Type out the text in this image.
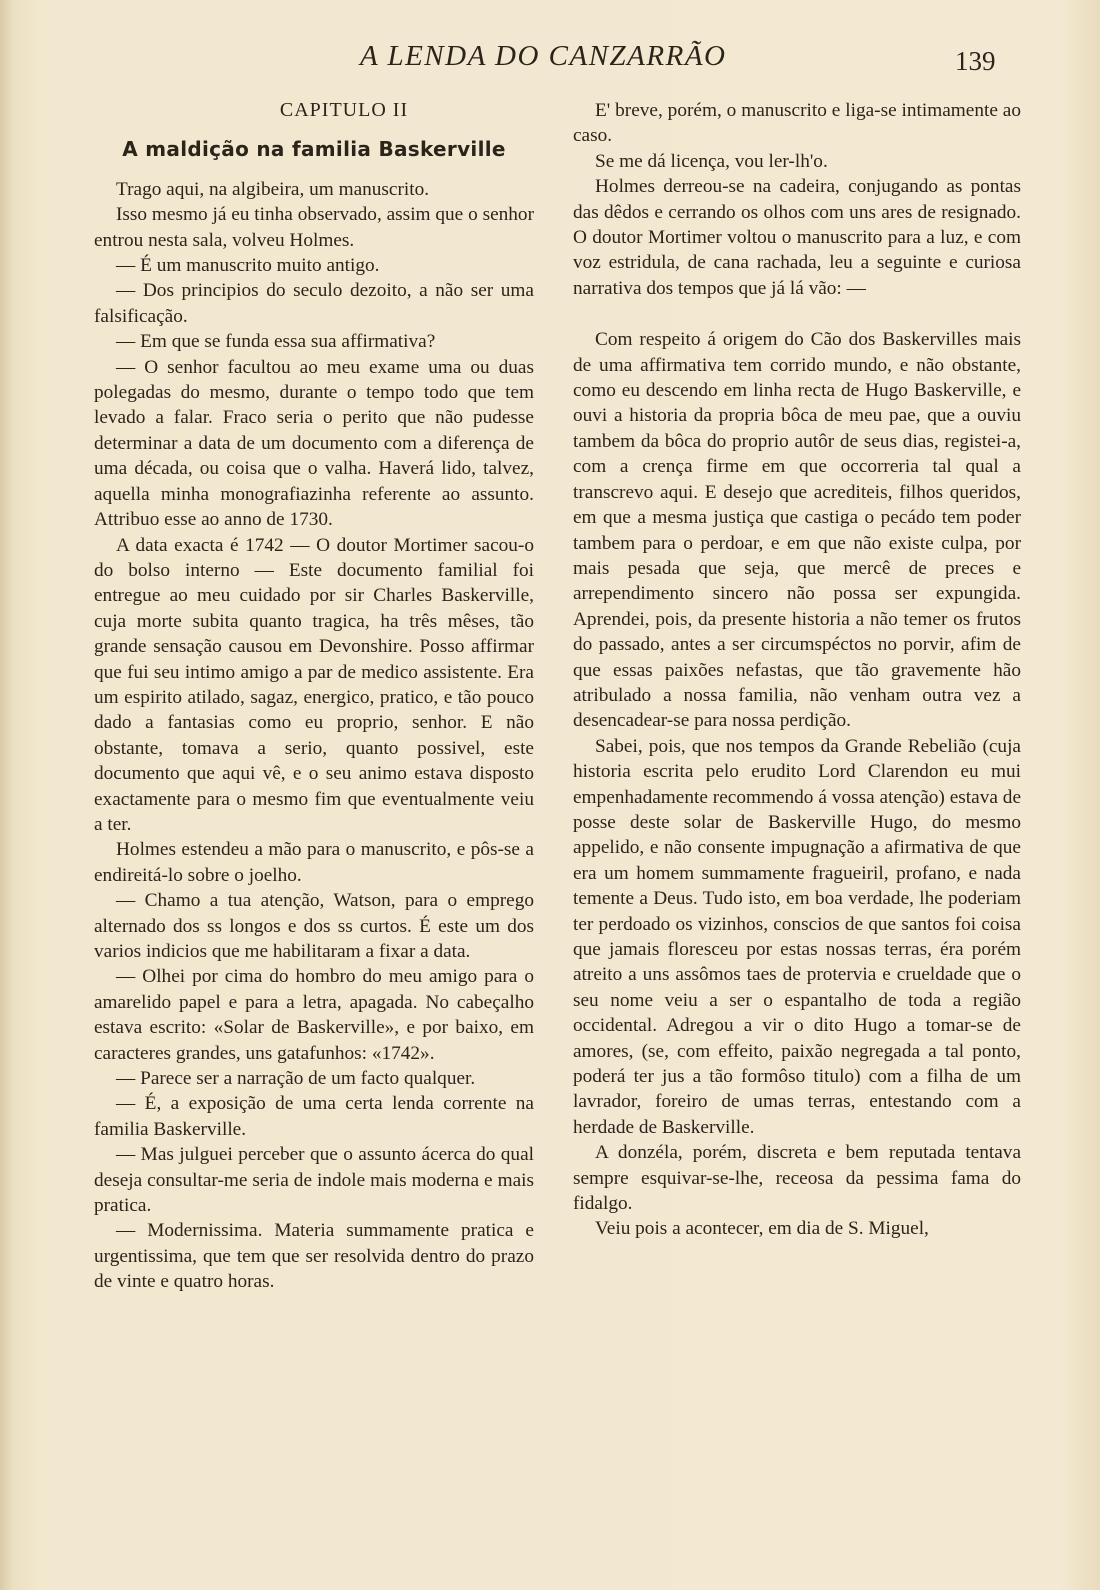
A LENDA DO CANZARRÃO	139
CAPITULO II
A maldição na familia Baskerville

Trago aqui, na algibeira, um manuscrito.

Isso mesmo já eu tinha observado, assim que o senhor entrou nesta sala, volveu Holmes.

— É um manuscrito muito antigo.

— Dos principios do seculo dezoito, a não ser uma falsificação.

— Em que se funda essa sua affirmativa?

— O senhor facultou ao meu exame uma ou duas polegadas do mesmo, durante o tempo todo que tem levado a falar. Fraco seria o perito que não pudesse determinar a data de um documento com a diferença de uma década, ou coisa que o valha. Haverá lido, talvez, aquella minha monografiazinha referente ao assunto. Attribuo esse ao anno de 1730.

A data exacta é 1742 — O doutor Mortimer sacou-o do bolso interno — Este documento familial foi entregue ao meu cuidado por sir Charles Baskerville, cuja morte subita quanto tragica, ha três mêses, tão grande sensação causou em Devonshire. Posso affirmar que fui seu intimo amigo a par de medico assistente. Era um espirito atilado, sagaz, energico, pratico, e tão pouco dado a fantasias como eu proprio, senhor. E não obstante, tomava a serio, quanto possivel, este documento que aqui vê, e o seu animo estava disposto exactamente para o mesmo fim que eventualmente veiu a ter.

Holmes estendeu a mão para o manuscrito, e pôs-se a endireitá-lo sobre o joelho.

— Chamo a tua atenção, Watson, para o emprego alternado dos ss longos e dos ss curtos. É este um dos varios indicios que me habilitaram a fixar a data.

— Olhei por cima do hombro do meu amigo para o amarelido papel e para a letra, apagada. No cabeçalho estava escrito: «Solar de Baskerville», e por baixo, em caracteres grandes, uns gatafunhos: «1742».

— Parece ser a narração de um facto qualquer.

— É, a exposição de uma certa lenda corrente na familia Baskerville.

— Mas julguei perceber que o assunto ácerca do qual deseja consultar-me seria de indole mais moderna e mais pratica.

— Modernissima. Materia summamente pratica e urgentissima, que tem que ser resolvida dentro do prazo de vinte e quatro horas.

E' breve, porém, o manuscrito e liga-se intimamente ao caso.

Se me dá licença, vou ler-lh'o.

Holmes derreou-se na cadeira, conjugando as pontas das dêdos e cerrando os olhos com uns ares de resignado. O doutor Mortimer voltou o manuscrito para a luz, e com voz estridula, de cana rachada, leu a seguinte e curiosa narrativa dos tempos que já lá vão: —

Com respeito á origem do Cão dos Baskervilles mais de uma affirmativa tem corrido mundo, e não obstante, como eu descendo em linha recta de Hugo Baskerville, e ouvi a historia da propria bôca de meu pae, que a ouviu tambem da bôca do proprio autôr de seus dias, registei-a, com a crença firme em que occorreria tal qual a transcrevo aqui. E desejo que acrediteis, filhos queridos, em que a mesma justiça que castiga o pecádo tem poder tambem para o perdoar, e em que não existe culpa, por mais pesada que seja, que mercê de preces e arrependimento sincero não possa ser expungida. Aprendei, pois, da presente historia a não temer os frutos do passado, antes a ser circumspéctos no porvir, afim de que essas paixões nefastas, que tão gravemente hão atribulado a nossa familia, não venham outra vez a desencadear-se para nossa perdição.

Sabei, pois, que nos tempos da Grande Rebelião (cuja historia escrita pelo erudito Lord Clarendon eu mui empenhadamente recommendo á vossa atenção) estava de posse deste solar de Baskerville Hugo, do mesmo appelido, e não consente impugnação a afirmativa de que era um homem summamente fragueiril, profano, e nada temente a Deus. Tudo isto, em boa verdade, lhe poderiam ter perdoado os vizinhos, conscios de que santos foi coisa que jamais floresceu por estas nossas terras, éra porém atreito a uns assômos taes de protervia e crueldade que o seu nome veiu a ser o espantalho de toda a região occidental. Adregou a vir o dito Hugo a tomar-se de amores, (se, com effeito, paixão negregada a tal ponto, poderá ter jus a tão formôso titulo) com a filha de um lavrador, foreiro de umas terras, entestando com a herdade de Baskerville.

A donzéla, porém, discreta e bem reputada tentava sempre esquivar-se-lhe, receosa da pessima fama do fidalgo.

Veiu pois a acontecer, em dia de S. Miguel,
